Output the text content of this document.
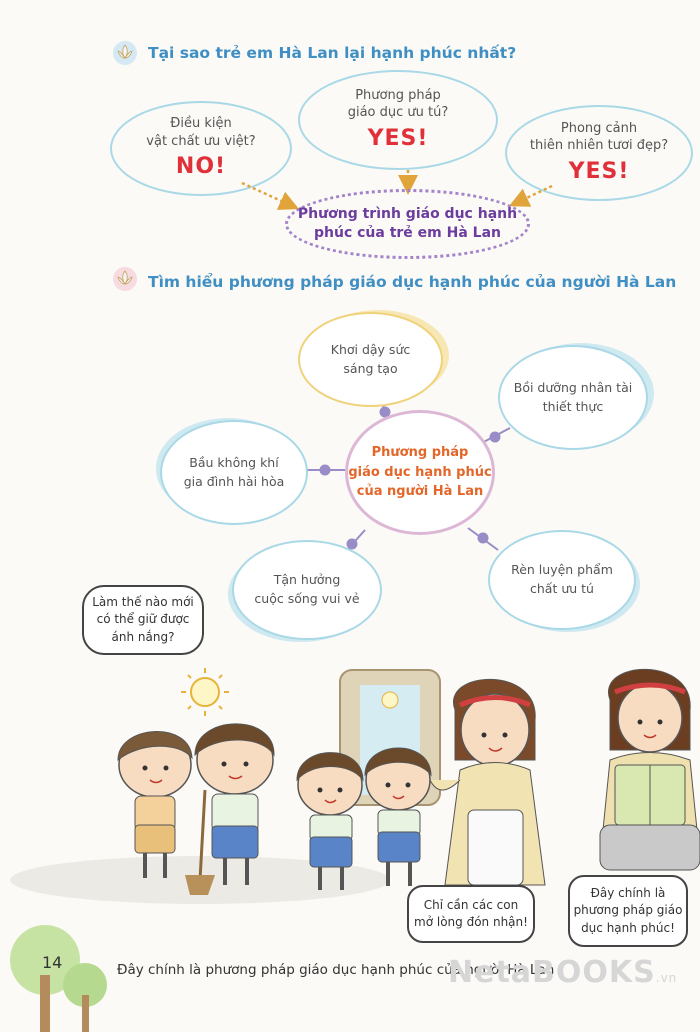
Tại sao trẻ em Hà Lan lại hạnh phúc nhất?
Điều kiện
vật chất ưu việt?
NO!
Phương pháp
giáo dục ưu tú?
YES!	Phong cảnh
thiên nhiên tươi đẹp?
YES!
Phương trình giáo dục hạnh
phúc của trẻ em Hà Lan
Tìm hiểu phương pháp giáo dục hạnh phúc của người Hà Lan
Khơi dậy sức
sáng tạo
Bồi dưỡng nhân tài
thiết thực
Phương pháp
giáo dục hạnh phúc
của người Hà Lan
Bầu không khí
gia đình hài hòa
Tận hưởng
cuộc sống vui vẻ
Rèn luyện phẩm
chất ưu tú
Làm thế nào mới
có thể giữ được
ánh nắng?
Chỉ cần các con
mở lòng đón nhận!
Đây chính là
phương pháp giáo
dục hạnh phúc!
14	Đây chính là phương pháp giáo dục hạnh phúc của người Hà Lan
NetaBOOKS.vn
